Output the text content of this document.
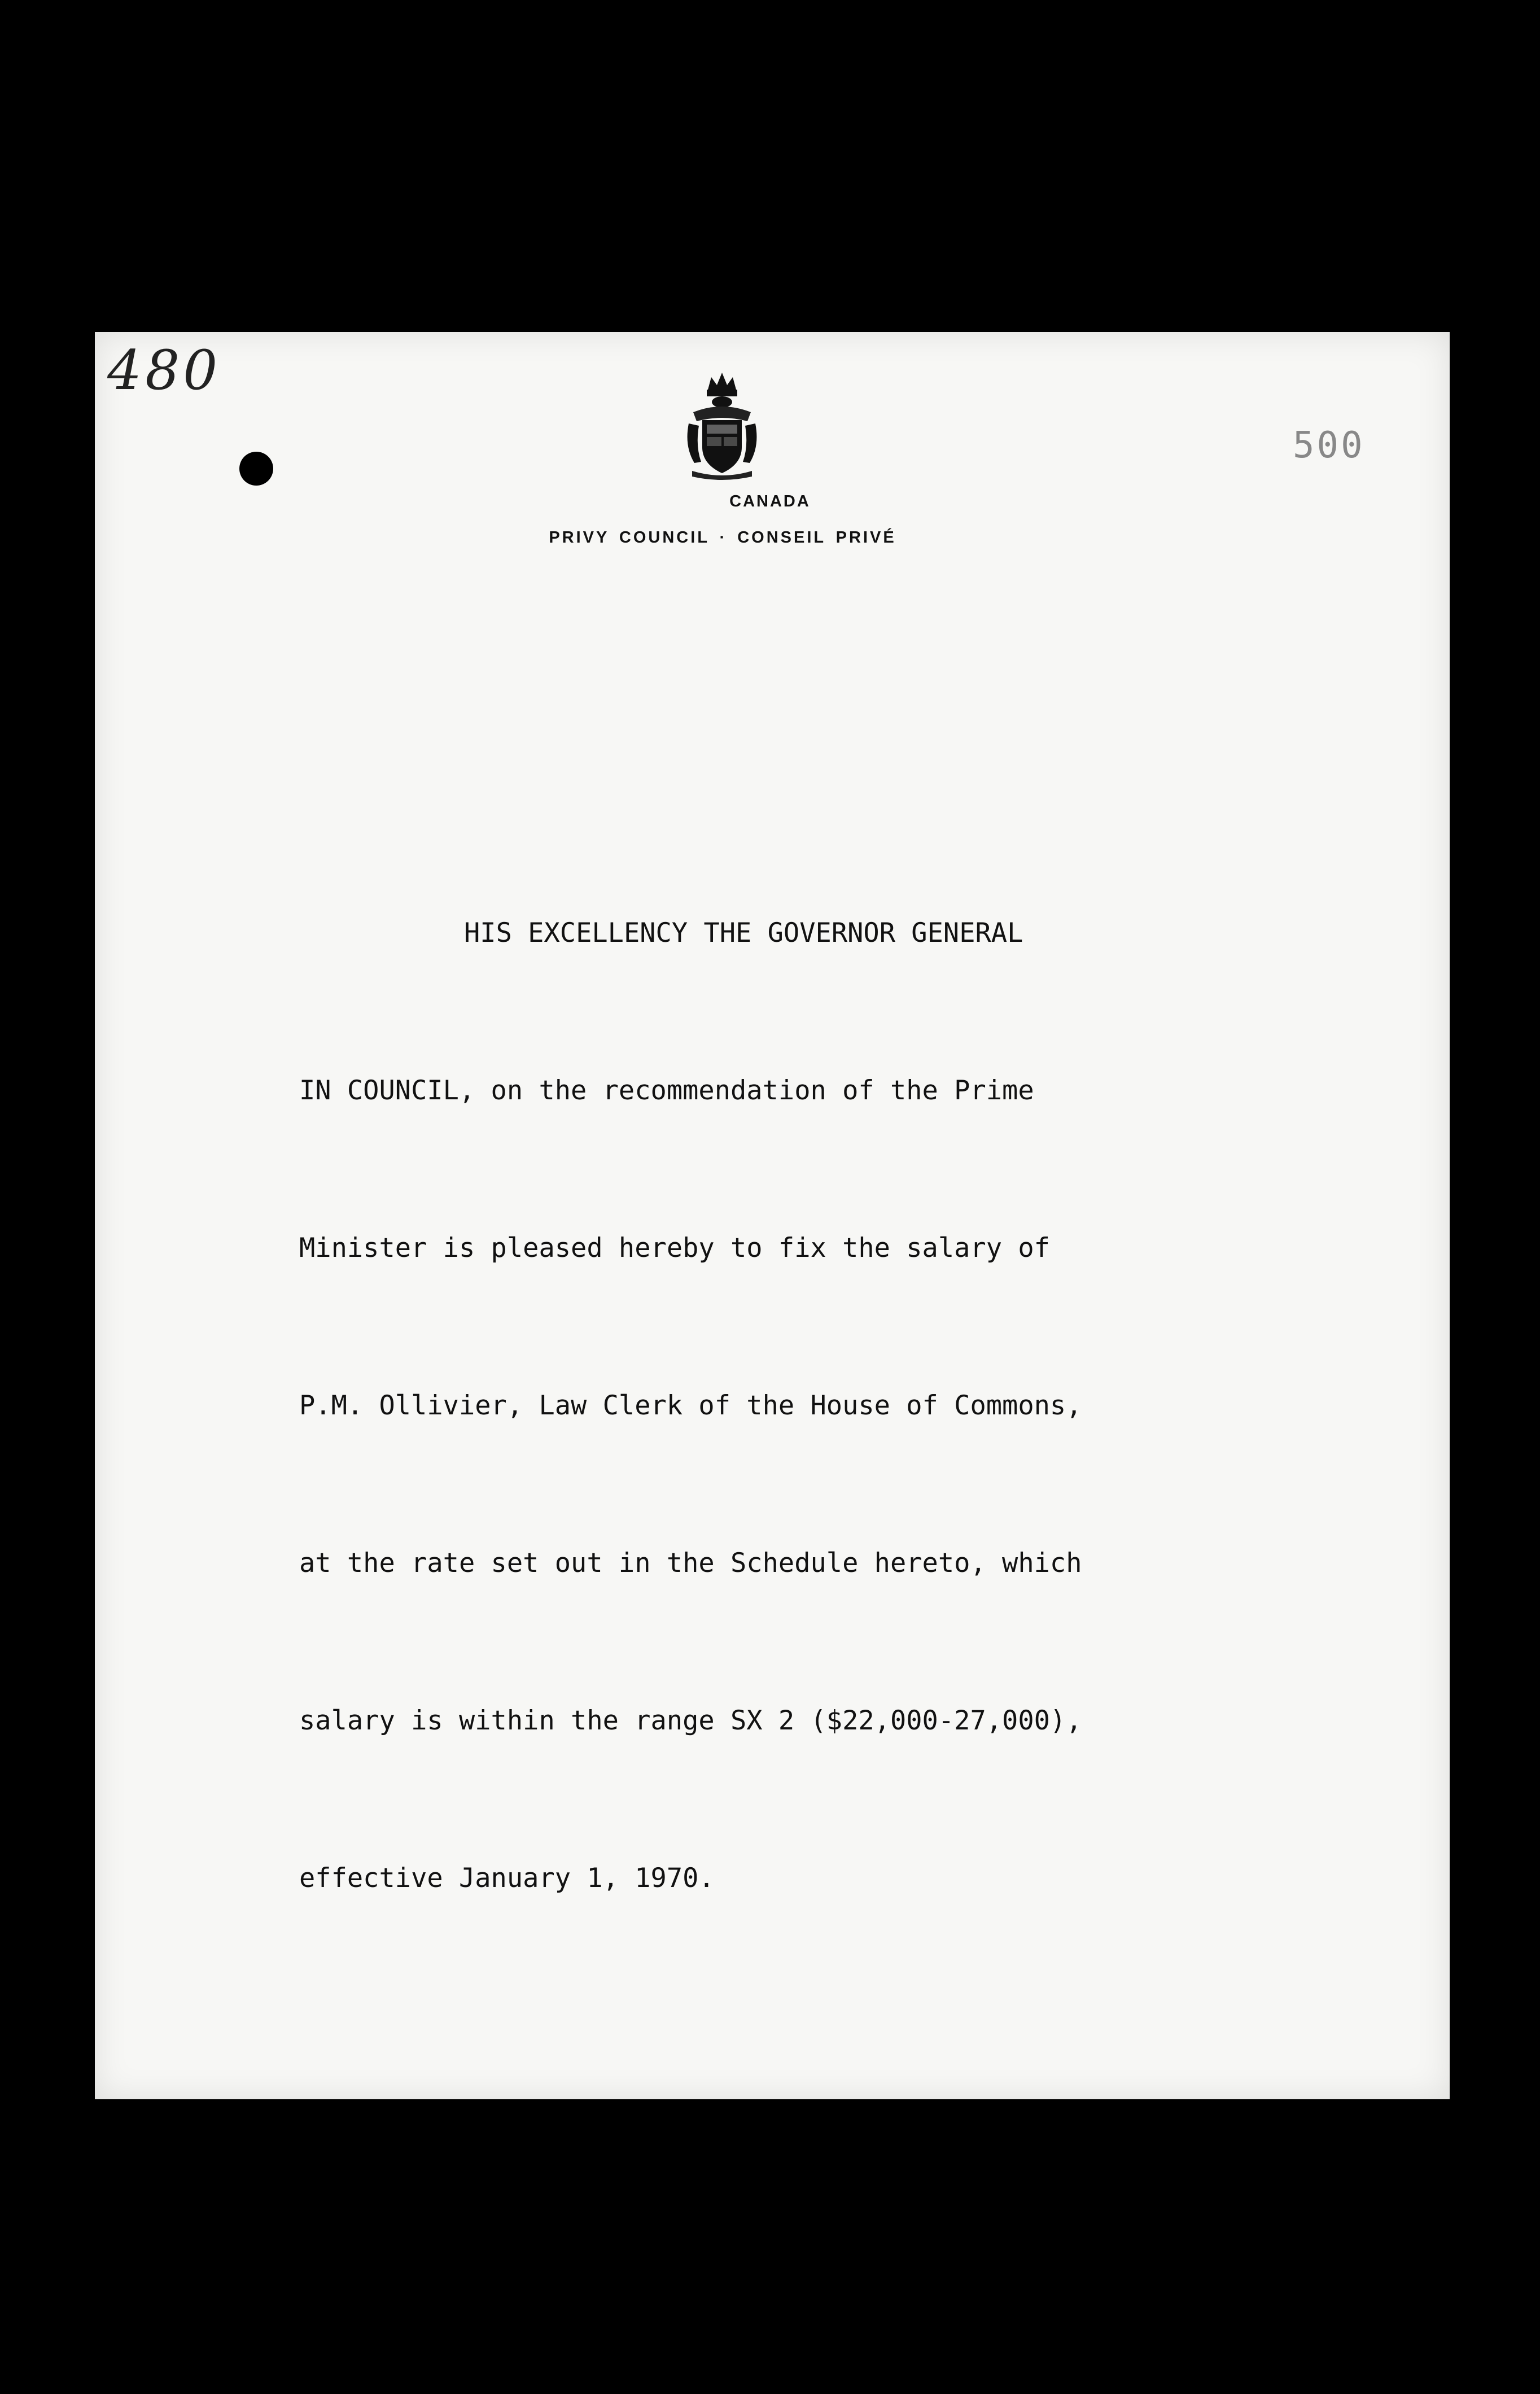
480
500
CANADA
PRIVY COUNCIL · CONSEIL PRIVÉ

HIS EXCELLENCY THE GOVERNOR GENERAL

IN COUNCIL, on the recommendation of the Prime

Minister is pleased hereby to fix the salary of

P.M. Ollivier, Law Clerk of the House of Commons,

at the rate set out in the Schedule hereto, which

salary is within the range SX 2 ($22,000-27,000),

effective January 1, 1970.
